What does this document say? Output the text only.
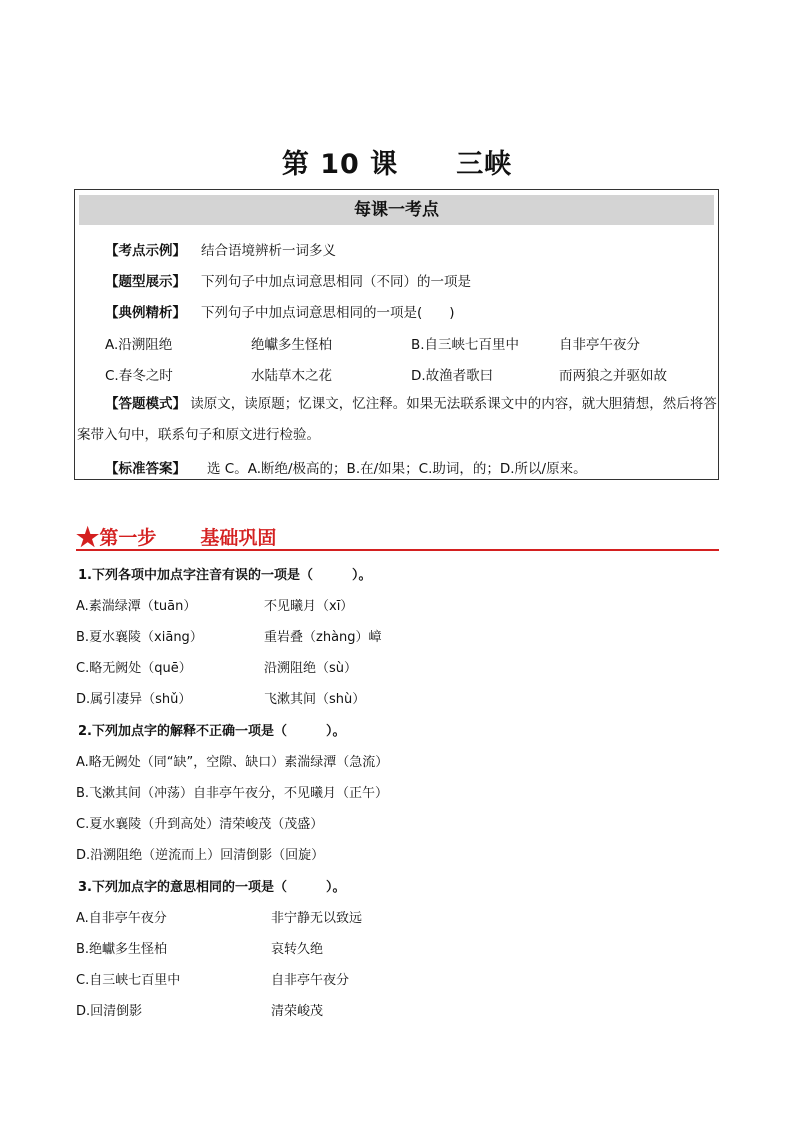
第 10 课 三峡
每课一考点
【考点示例】 结合语境辨析一词多义
【题型展示】 下列句子中加点词意思相同（不同）的一项是
【典例精析】 下列句子中加点词意思相同的一项是(　　)
A.沿溯阻绝	绝巘多生怪柏	B.自三峡七百里中	自非亭午夜分
C.春冬之时	水陆草木之花	D.故渔者歌曰	而两狼之并驱如故
【答题模式】 读原文，读原题；忆课文，忆注释。如果无法联系课文中的内容，就大胆猜想，然后将答案带入句中，联系句子和原文进行检验。
【标准答案】 选 C。A.断绝/极高的；B.在/如果；C.助词，的；D.所以/原来。
★第一步 基础巩固
1.下列各项中加点字注音有误的一项是（　　　）。
A.素湍绿潭（tuān）	不见曦月（xī）
B.夏水襄陵（xiāng）	重岩叠（zhàng）嶂
C.略无阙处（quē）	沿溯阻绝（sù）
D.属引凄异（shǔ）	飞漱其间（shù）
2.下列加点字的解释不正确一项是（　　　）。
A.略无阙处（同“缺”，空隙、缺口）素湍绿潭（急流）
B.飞漱其间（冲荡）自非亭午夜分，不见曦月（正午）
C.夏水襄陵（升到高处）清荣峻茂（茂盛）
D.沿溯阻绝（逆流而上）回清倒影（回旋）
3.下列加点字的意思相同的一项是（　　　）。
A.自非亭午夜分	非宁静无以致远
B.绝巘多生怪柏	哀转久绝
C.自三峡七百里中	自非亭午夜分
D.回清倒影	清荣峻茂
